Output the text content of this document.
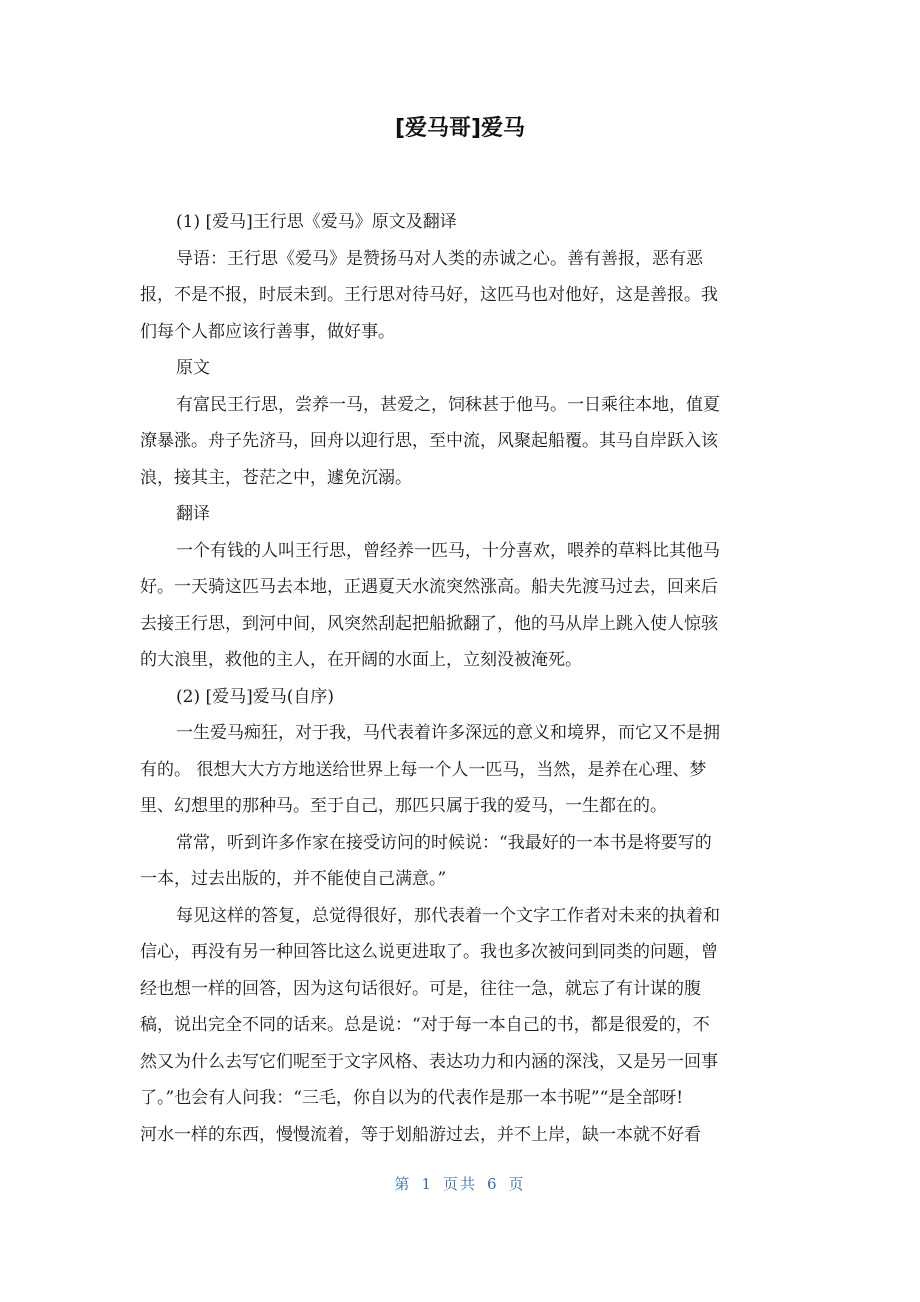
[爱马哥]爱马
(1) [爱马]王行思《爱马》原文及翻译
导语：王行思《爱马》是赞扬马对人类的赤诚之心。善有善报，恶有恶
报，不是不报，时辰未到。王行思对待马好，这匹马也对他好，这是善报。我
们每个人都应该行善事，做好事。
原文
有富民王行思，尝养一马，甚爱之，饲秣甚于他马。一日乘往本地，值夏
潦暴涨。舟子先济马，回舟以迎行思，至中流，风聚起船覆。其马自岸跃入该
浪，接其主，苍茫之中，遽免沉溺。
翻译
一个有钱的人叫王行思，曾经养一匹马，十分喜欢，喂养的草料比其他马
好。一天骑这匹马去本地，正遇夏天水流突然涨高。船夫先渡马过去，回来后
去接王行思，到河中间，风突然刮起把船掀翻了，他的马从岸上跳入使人惊骇
的大浪里，救他的主人，在开阔的水面上，立刻没被淹死。
(2) [爱马]爱马(自序)
一生爱马痴狂，对于我，马代表着许多深远的意义和境界，而它又不是拥
有的。 很想大大方方地送给世界上每一个人一匹马，当然，是养在心理、梦
里、幻想里的那种马。至于自己，那匹只属于我的爱马，一生都在的。
常常，听到许多作家在接受访问的时候说：“我最好的一本书是将要写的
一本，过去出版的，并不能使自己满意。”
每见这样的答复，总觉得很好，那代表着一个文字工作者对未来的执着和
信心，再没有另一种回答比这么说更进取了。我也多次被问到同类的问题，曾
经也想一样的回答，因为这句话很好。可是，往往一急，就忘了有计谋的腹
稿，说出完全不同的话来。总是说：“对于每一本自己的书，都是很爱的，不
然又为什么去写它们呢至于文字风格、表达功力和内涵的深浅，又是另一回事
了。”也会有人问我：“三毛，你自以为的代表作是那一本书呢”“是全部呀!
河水一样的东西，慢慢流着，等于划船游过去，并不上岸，缺一本就不好看
第 1 页共 6 页
